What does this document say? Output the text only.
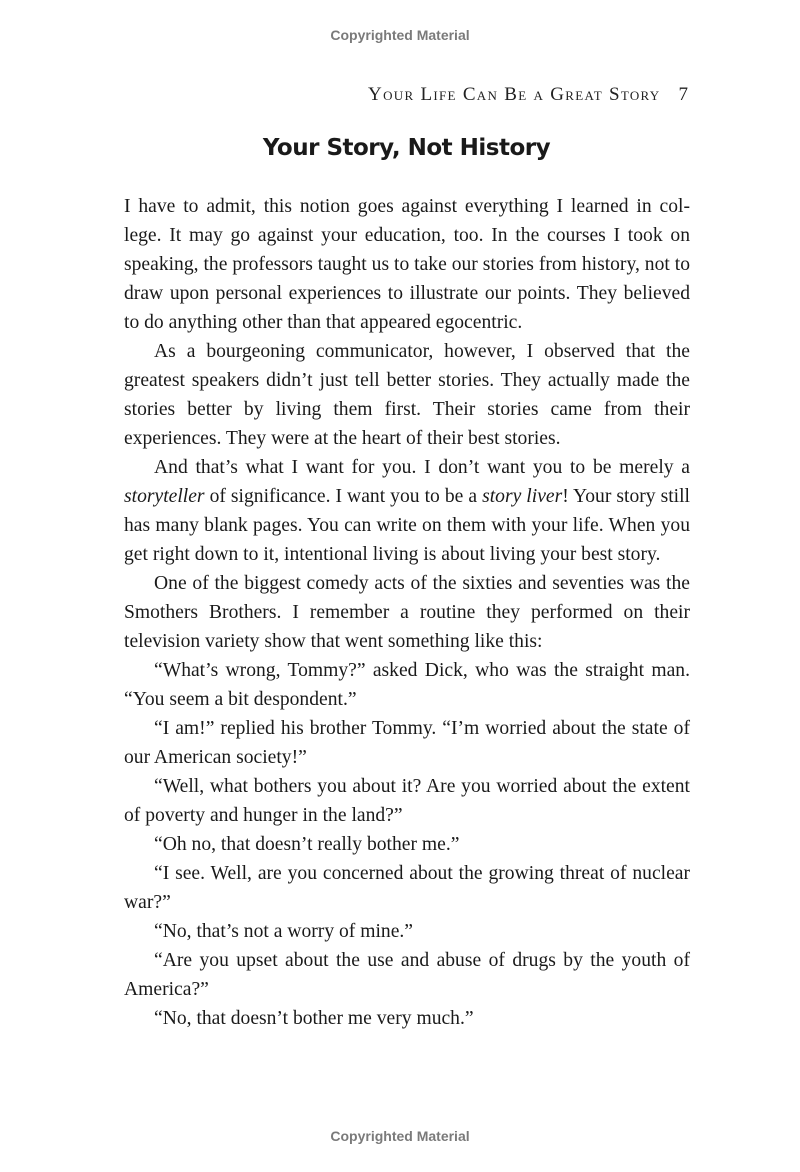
Copyrighted Material
Your Life Can Be a Great Story 7
Your Story, Not History

I have to admit, this notion goes against everything I learned in col-lege. It may go against your education, too. In the courses I took on speaking, the professors taught us to take our stories from history, not to draw upon personal experiences to illustrate our points. They believed to do anything other than that appeared egocentric.

As a bourgeoning communicator, however, I observed that the greatest speakers didn’t just tell better stories. They actually made the stories better by living them first. Their stories came from their experiences. They were at the heart of their best stories.

And that’s what I want for you. I don’t want you to be merely a storyteller of significance. I want you to be a story liver! Your story still has many blank pages. You can write on them with your life. When you get right down to it, intentional living is about living your best story.

One of the biggest comedy acts of the sixties and seventies was the Smothers Brothers. I remember a routine they performed on their television variety show that went something like this:

“What’s wrong, Tommy?” asked Dick, who was the straight man. “You seem a bit despondent.”

“I am!” replied his brother Tommy. “I’m worried about the state of our American society!”

“Well, what bothers you about it? Are you worried about the extent of poverty and hunger in the land?”

“Oh no, that doesn’t really bother me.”

“I see. Well, are you concerned about the growing threat of nuclear war?”

“No, that’s not a worry of mine.”

“Are you upset about the use and abuse of drugs by the youth of America?”

“No, that doesn’t bother me very much.”

Copyrighted Material
